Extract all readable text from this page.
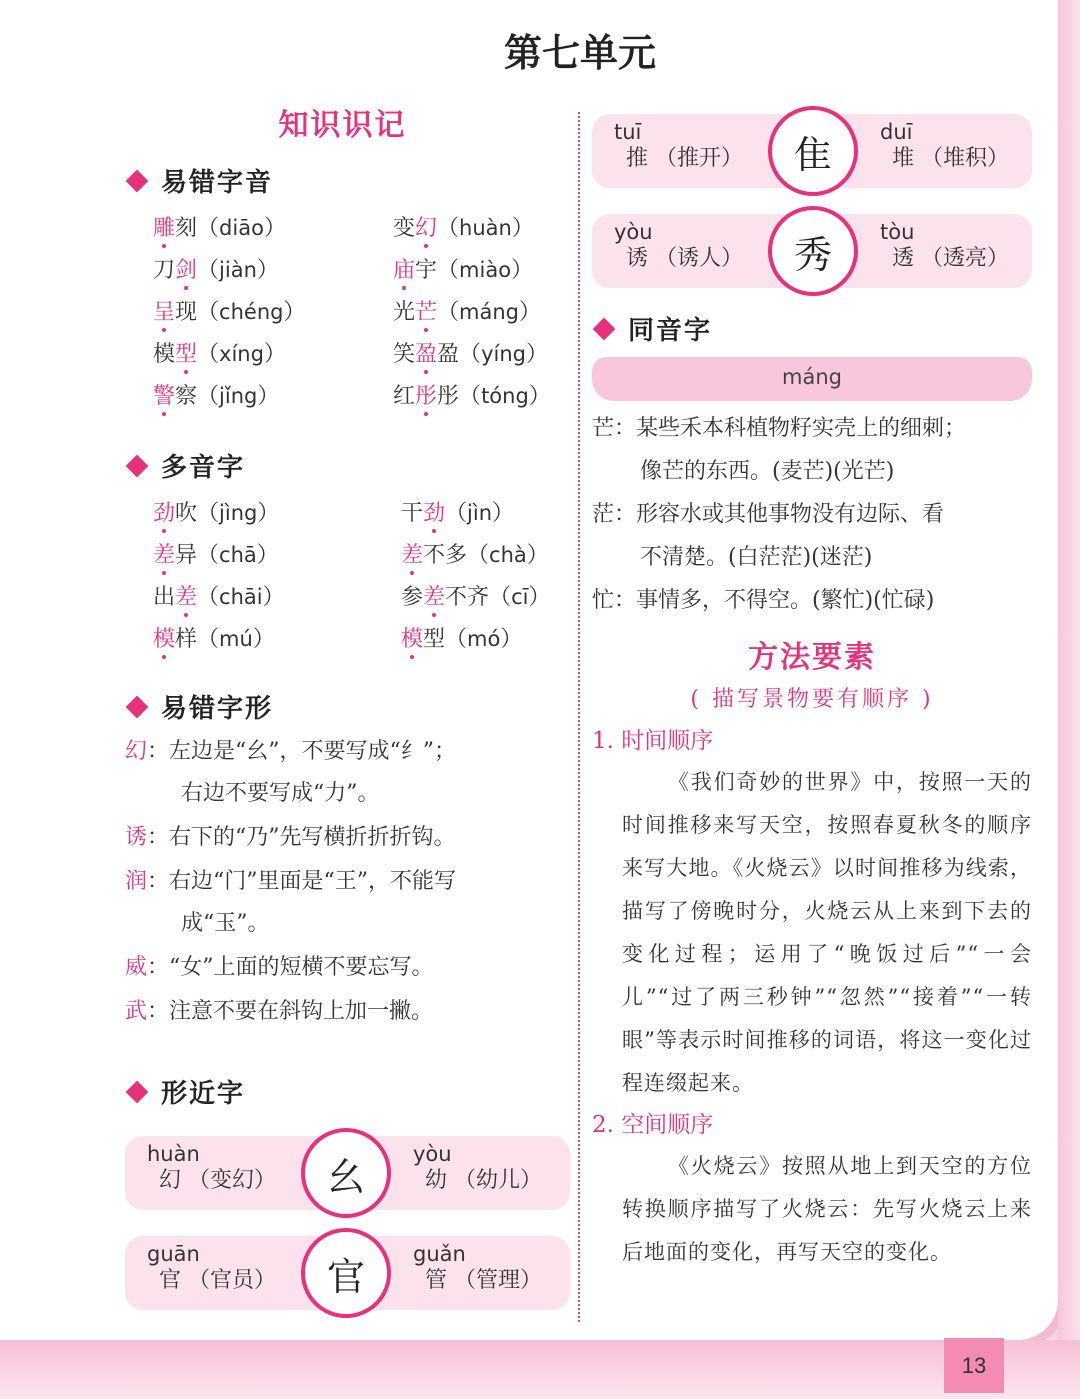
第七单元
知识识记
易错字音
雕刻（diāo）	变幻（huàn）
刀剑（jiàn）	庙宇（miào）
呈现（chéng）	光芒（máng）
模型（xíng）	笑盈盈（yíng）
警察（jǐng）	红彤彤（tóng）
多音字
劲吹（jìng）	干劲（jìn）
差异（chā）	差不多（chà）
出差（chāi）	参差不齐（cī）
模样（mú）	模型（mó）
易错字形
幻：左边是“幺”，不要写成“纟”；
右边不要写成“力”。
诱：右下的“乃”先写横折折折钩。
润：右边“门”里面是“王”，不能写
成“玉”。
威：“女”上面的短横不要忘写。
武：注意不要在斜钩上加一撇。
形近字
huàn
幻 （变幻）	幺
yòu
幼 （幼儿）
guān
官 （官员）	官
guǎn
管 （管理）
tuī
推 （推开）	隹
duī
堆 （堆积）
yòu
诱 （诱人）	秀
tòu
透 （透亮）
同音字
máng
芒：某些禾本科植物籽实壳上的细刺；
像芒的东西。(麦芒)(光芒)
茫：形容水或其他事物没有边际、看
不清楚。(白茫茫)(迷茫)
忙：事情多，不得空。(繁忙)(忙碌)
方法要素
( 描写景物要有顺序 )
1. 时间顺序

《我们奇妙的世界》中，按照一天的时间推移来写天空，按照春夏秋冬的顺序来写大地。《火烧云》以时间推移为线索，描写了傍晚时分，火烧云从上来到下去的变化过程；运用了“晚饭过后”“一会儿”“过了两三秒钟”“忽然”“接着”“一转眼”等表示时间推移的词语，将这一变化过程连缀起来。

2. 空间顺序

《火烧云》按照从地上到天空的方位转换顺序描写了火烧云：先写火烧云上来后地面的变化，再写天空的变化。

13
